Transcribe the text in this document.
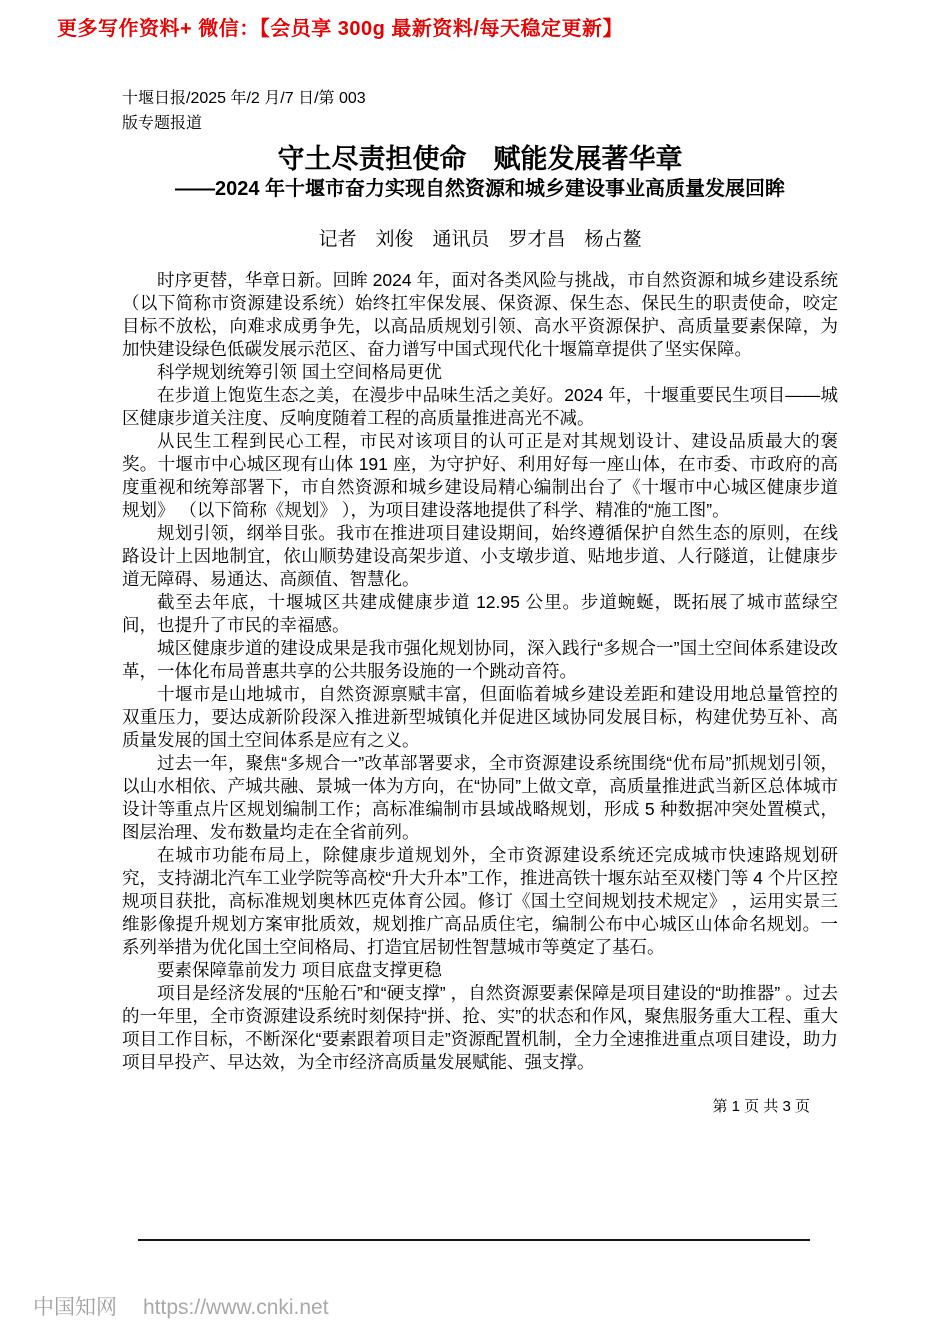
更多写作资料+ 微信：【会员享 300g 最新资料/每天稳定更新】
十堰日报/2025 年/2 月/7 日/第 003
版专题报道
守土尽责担使命　赋能发展著华章
——2024 年十堰市奋力实现自然资源和城乡建设事业高质量发展回眸
记者　刘俊　通讯员　罗才昌　杨占鳌

时序更替，华章日新。回眸 2024 年，面对各类风险与挑战，市自然资源和城乡建设系统（以下简称市资源建设系统）始终扛牢保发展、保资源、保生态、保民生的职责使命，咬定目标不放松，向难求成勇争先，以高品质规划引领、高水平资源保护、高质量要素保障，为加快建设绿色低碳发展示范区、奋力谱写中国式现代化十堰篇章提供了坚实保障。

科学规划统筹引领 国土空间格局更优

在步道上饱览生态之美，在漫步中品味生活之美好。2024 年，十堰重要民生项目——城区健康步道关注度、反响度随着工程的高质量推进高光不减。

从民生工程到民心工程，市民对该项目的认可正是对其规划设计、建设品质最大的褒奖。十堰市中心城区现有山体 191 座，为守护好、利用好每一座山体，在市委、市政府的高度重视和统筹部署下，市自然资源和城乡建设局精心编制出台了《十堰市中心城区健康步道规划》 （以下简称《规划》 ），为项目建设落地提供了科学、精准的“施工图”。

规划引领，纲举目张。我市在推进项目建设期间，始终遵循保护自然生态的原则，在线路设计上因地制宜，依山顺势建设高架步道、小支墩步道、贴地步道、人行隧道，让健康步道无障碍、易通达、高颜值、智慧化。

截至去年底，十堰城区共建成健康步道 12.95 公里。步道蜿蜒，既拓展了城市蓝绿空间，也提升了市民的幸福感。

城区健康步道的建设成果是我市强化规划协同，深入践行“多规合一”国土空间体系建设改革，一体化布局普惠共享的公共服务设施的一个跳动音符。

十堰市是山地城市，自然资源禀赋丰富，但面临着城乡建设差距和建设用地总量管控的双重压力，要达成新阶段深入推进新型城镇化并促进区域协同发展目标，构建优势互补、高质量发展的国土空间体系是应有之义。

过去一年，聚焦“多规合一”改革部署要求，全市资源建设系统围绕“优布局”抓规划引领，以山水相依、产城共融、景城一体为方向，在“协同”上做文章，高质量推进武当新区总体城市设计等重点片区规划编制工作；高标准编制市县域战略规划，形成 5 种数据冲突处置模式，图层治理、发布数量均走在全省前列。

在城市功能布局上，除健康步道规划外，全市资源建设系统还完成城市快速路规划研究，支持湖北汽车工业学院等高校“升大升本”工作，推进高铁十堰东站至双楼门等 4 个片区控规项目获批，高标准规划奥林匹克体育公园。修订《国土空间规划技术规定》 ，运用实景三维影像提升规划方案审批质效，规划推广高品质住宅，编制公布中心城区山体命名规划。一系列举措为优化国土空间格局、打造宜居韧性智慧城市等奠定了基石。

要素保障靠前发力 项目底盘支撑更稳

项目是经济发展的“压舱石”和“硬支撑” ，自然资源要素保障是项目建设的“助推器” 。过去的一年里，全市资源建设系统时刻保持“拼、抢、实”的状态和作风，聚焦服务重大工程、重大项目工作目标，不断深化“要素跟着项目走”资源配置机制，全力全速推进重点项目建设，助力项目早投产、早达效，为全市经济高质量发展赋能、强支撑。

第 1 页 共 3 页
中国知网 https://www.cnki.net
